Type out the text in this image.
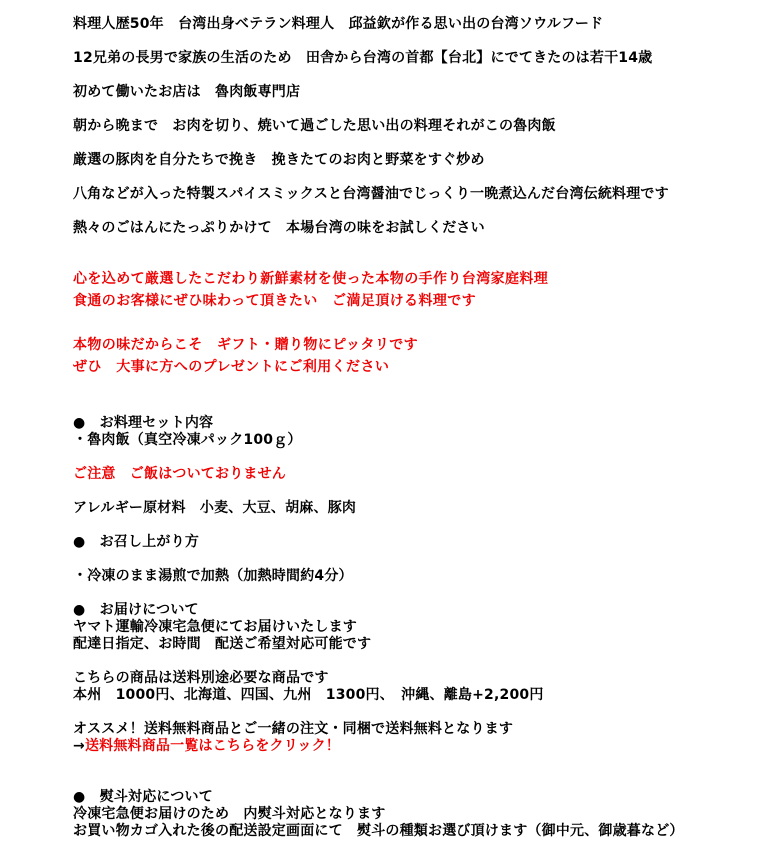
料理人歴50年　台湾出身ベテラン料理人　邱益欽が作る思い出の台湾ソウルフード
12兄弟の長男で家族の生活のため　田舎から台湾の首都【台北】にでてきたのは若干14歳
初めて働いたお店は　魯肉飯専門店
朝から晩まで　お肉を切り、焼いて過ごした思い出の料理それがこの魯肉飯
厳選の豚肉を自分たちで挽き　挽きたてのお肉と野菜をすぐ炒め
八角などが入った特製スパイスミックスと台湾醤油でじっくり一晩煮込んだ台湾伝統料理です
熱々のごはんにたっぷりかけて　本場台湾の味をお試しください
心を込めて厳選したこだわり新鮮素材を使った本物の手作り台湾家庭料理
食通のお客様にぜひ味わって頂きたい　ご満足頂ける料理です
本物の味だからこそ　ギフト・贈り物にピッタリです
ぜひ　大事に方へのプレゼントにご利用ください
●　お料理セット内容
・魯肉飯（真空冷凍パック100ｇ）
ご注意　ご飯はついておりません
アレルギー原材料　小麦、大豆、胡麻、豚肉
●　お召し上がり方
・冷凍のまま湯煎で加熱（加熱時間約4分）
●　お届けについて
ヤマト運輸冷凍宅急便にてお届けいたします
配達日指定、お時間　配送ご希望対応可能です
こちらの商品は送料別途必要な商品です
本州　1000円、北海道、四国、九州　1300円、　沖縄、離島+2,200円
オススメ！送料無料商品とご一緒の注文・同梱で送料無料となります
→送料無料商品一覧はこちらをクリック！
●　熨斗対応について
冷凍宅急便お届けのため　内熨斗対応となります
お買い物カゴ入れた後の配送設定画面にて　熨斗の種類お選び頂けます（御中元、御歳暮など）
